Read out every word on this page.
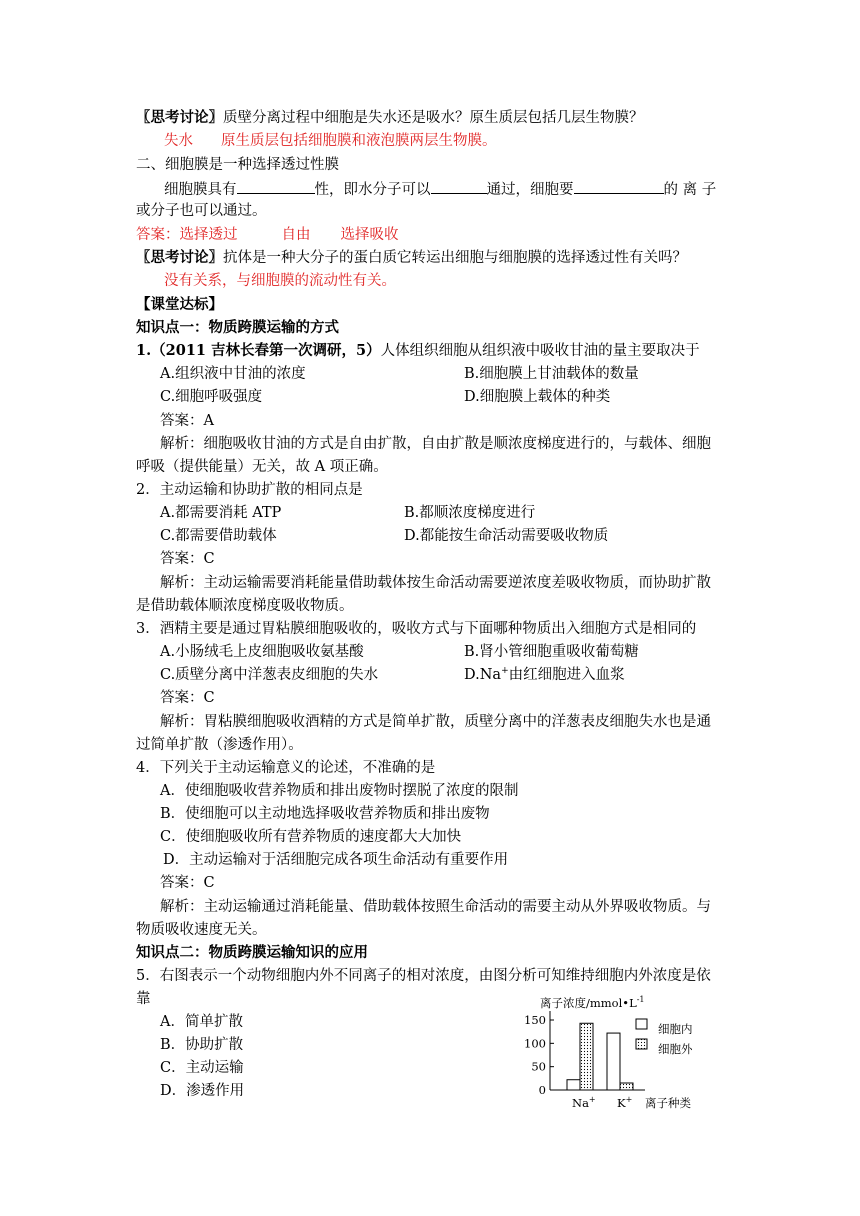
〖思考讨论〗质壁分离过程中细胞是失水还是吸水？原生质层包括几层生物膜？
失水 原生质层包括细胞膜和液泡膜两层生物膜。
二、细胞膜是一种选择透过性膜
细胞膜具有	性，即水分子可以	通过，细胞要	的 离 子
或分子也可以通过。
答案：选择透过	自由 选择吸收
〖思考讨论〗抗体是一种大分子的蛋白质它转运出细胞与细胞膜的选择透过性有关吗？
没有关系，与细胞膜的流动性有关。
【课堂达标】
知识点一：物质跨膜运输的方式
1.（2011 吉林长春第一次调研，5）人体组织细胞从组织液中吸收甘油的量主要取决于
A.组织液中甘油的浓度	B.细胞膜上甘油载体的数量
C.细胞呼吸强度	D.细胞膜上载体的种类
答案：A
解析：细胞吸收甘油的方式是自由扩散，自由扩散是顺浓度梯度进行的，与载体、细胞
呼吸（提供能量）无关，故 A 项正确。
2．主动运输和协助扩散的相同点是
A.都需要消耗 ATP	B.都顺浓度梯度进行
C.都需要借助载体	D.都能按生命活动需要吸收物质
答案：C
解析：主动运输需要消耗能量借助载体按生命活动需要逆浓度差吸收物质，而协助扩散
是借助载体顺浓度梯度吸收物质。
3．酒精主要是通过胃粘膜细胞吸收的，吸收方式与下面哪种物质出入细胞方式是相同的
A.小肠绒毛上皮细胞吸收氨基酸	B.肾小管细胞重吸收葡萄糖
C.质壁分离中洋葱表皮细胞的失水	D.Na+由红细胞进入血浆
答案：C
解析：胃粘膜细胞吸收酒精的方式是简单扩散，质壁分离中的洋葱表皮细胞失水也是通
过简单扩散（渗透作用）。
4．下列关于主动运输意义的论述，不准确的是
A．使细胞吸收营养物质和排出废物时摆脱了浓度的限制
B．使细胞可以主动地选择吸收营养物质和排出废物
C．使细胞吸收所有营养物质的速度都大大加快
D．主动运输对于活细胞完成各项生命活动有重要作用
答案：C
解析：主动运输通过消耗能量、借助载体按照生命活动的需要主动从外界吸收物质。与
物质吸收速度无关。
知识点二：物质跨膜运输知识的应用
5．右图表示一个动物细胞内外不同离子的相对浓度，由图分析可知维持细胞内外浓度是依
靠
A．简单扩散
B．协助扩散
C．主动运输
D．渗透作用
离子浓度$/mmol•L^{-1}$
0
50
100
150
Na+ K+ 离子种类
细胞内
细胞外
